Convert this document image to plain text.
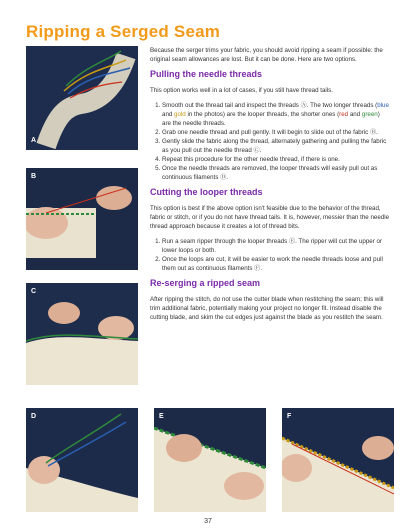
Ripping a Serged Seam
A
B
C
D	E	F

Because the serger trims your fabric, you should avoid ripping a seam if possible: the original seam allowances are lost. But it can be done. Here are two options.

Pulling the needle threads

This option works well in a lot of cases, if you still have thread tails.

1. Smooth out the thread tail and inspect the threads Ⓐ. The two longer threads (blue and gold in the photos) are the looper threads, the shorter ones (red and green) are the needle threads.
2. Grab one needle thread and pull gently. It will begin to slide out of the fabric Ⓑ.
3. Gently slide the fabric along the thread, alternately gathering and pulling the fabric as you pull out the needle thread Ⓒ.
4. Repeat this procedure for the other needle thread, if there is one.
5. Once the needle threads are removed, the looper threads will easily pull out as continuous filaments Ⓓ.
Cutting the looper threads

This option is best if the above option isn't feasible due to the behavior of the thread, fabric or stitch, or if you do not have thread tails. It is, however, messier than the needle thread approach because it creates a lot of thread bits.

1. Run a seam ripper through the looper threads Ⓔ. The ripper will cut the upper or lower loops or both.
2. Once the loops are cut, it will be easier to work the needle threads loose and pull them out as continuous filaments Ⓕ.
Re-serging a ripped seam

After ripping the stitch, do not use the cutter blade when restitching the seam; this will trim additional fabric, potentially making your project no longer fit. Instead disable the cutting blade, and skim the cut edges just against the blade as you restitch the seam.

37
